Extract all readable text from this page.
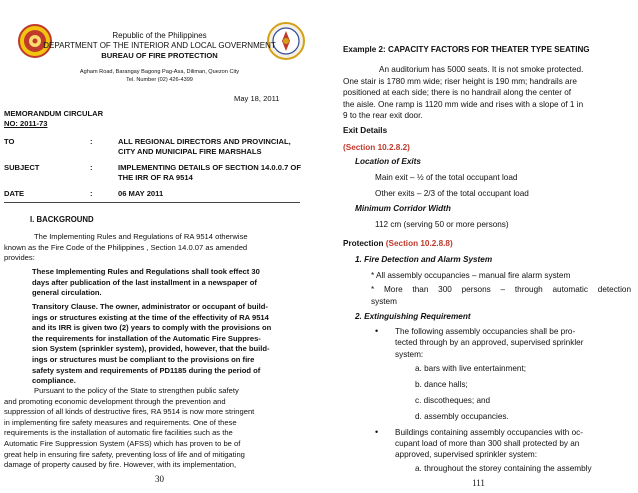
Republic of the Philippines
DEPARTMENT OF THE INTERIOR AND LOCAL GOVERNMENT
BUREAU OF FIRE PROTECTION
Agham Road, Barangay Bagong Pag-Asa, Diliman, Quezon City
Tel. Number (02) 426-4399
May 18, 2011
MEMORANDUM CIRCULAR
NO: 2011-73
TO	:	ALL REGIONAL DIRECTORS AND PROVINCIAL,
CITY AND MUNICIPAL FIRE MARSHALS
SUBJECT	:	IMPLEMENTING DETAILS OF SECTION 14.0.0.7 OF
THE IRR OF RA 9514
DATE	:	06 MAY 2011
I. BACKGROUND
The Implementing Rules and Regulations of RA 9514 otherwise
known as the Fire Code of the Philippines , Section 14.0.07 as amended
provides:
These Implementing Rules and Regulations shall took effect 30
days after publication of the last installment in a newspaper of
general circulation.
Transitory Clause. The owner, administrator or occupant of build-
ings or structures existing at the time of the effectivity of RA 9514
and its IRR is given two (2) years to comply with the provisions on
the requirements for installation of the Automatic Fire Suppres-
sion System (sprinkler system), provided, however, that the build-
ings or structures must be compliant to the provisions on fire
safety system and requirements of PD1185 during the period of
compliance.
Pursuant to the policy of the State to strengthen public safety
and promoting economic development through the prevention and
suppression of all kinds of destructive fires, RA 9514 is now more stringent
in implementing fire safety measures and requirements. One of these
requirements is the installation of automatic fire facilities such as the
Automatic Fire Suppression System (AFSS) which has proven to be of
great help in ensuring fire safety, preventing loss of life and of mitigating
damage of property caused by fire. However, with its implementation,
30
Example 2: CAPACITY FACTORS FOR THEATER TYPE SEATING
An auditorium has 5000 seats. It is not smoke protected.
One stair is 1780 mm wide; riser height is 190 mm; handrails are
positioned at each side; there is no handrail along the center of
the aisle. One ramp is 1120 mm wide and rises with a slope of 1 in
9 to the rear exit door.
Exit Details
(Section 10.2.8.2)
Location of Exits
Main exit – ½ of the total occupant load
Other exits – 2/3 of the total occupant load
Minimum Corridor Width
112 cm (serving 50 or more persons)
Protection (Section 10.2.8.8)
1. Fire Detection and Alarm System
* All assembly occupancies – manual fire alarm system
* More than 300 persons – through automatic detection
system
2. Extinguishing Requirement
• The following assembly occupancies shall be pro-
tected through by an approved, supervised sprinkler
system:
a. bars with live entertainment;
b. dance halls;
c. discotheques; and
d. assembly occupancies.
• Buildings containing assembly occupancies with oc-
cupant load of more than 300 shall protected by an
approved, supervised sprinkler system:
a. throughout the storey containing the assembly
111
